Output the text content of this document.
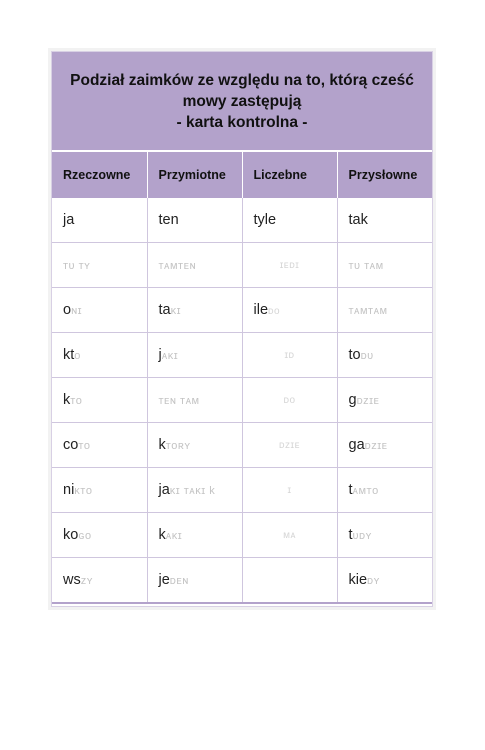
Podział zaimków ze względu na to, którą cześć
mowy zastępują
- karta kontrolna -
Rzeczowne	Przymiotne	Liczebne	Przysłowne
ja	ten	tyle	tak
ᴛᴜ ᴛʏ	ᴛᴀᴍᴛᴇɴ	ɪᴇᴅɪ	ᴛᴜ ᴛᴀᴍ
oɴɪ	taᴋɪ	ileᴅᴏ	ᴛᴀᴍᴛᴀᴍ
ktᴏ	jᴀᴋɪ	ɪᴅ	toᴅᴜ
kᴛᴏ	ᴛᴇɴ ᴛᴀᴍ	ᴅᴏ	gᴅᴢɪᴇ
coᴛᴏ	kᴛᴏʀʏ	ᴅᴢɪᴇ	gaᴅᴢɪᴇ
niᴋᴛᴏ	jaᴋɪ ᴛᴀᴋɪ k	ɪ	tᴀᴍᴛᴏ
koɢᴏ	kᴀᴋɪ	ᴍᴀ	tᴜᴅʏ
wsᴢʏ	jeᴅᴇɴ		kieᴅʏ
